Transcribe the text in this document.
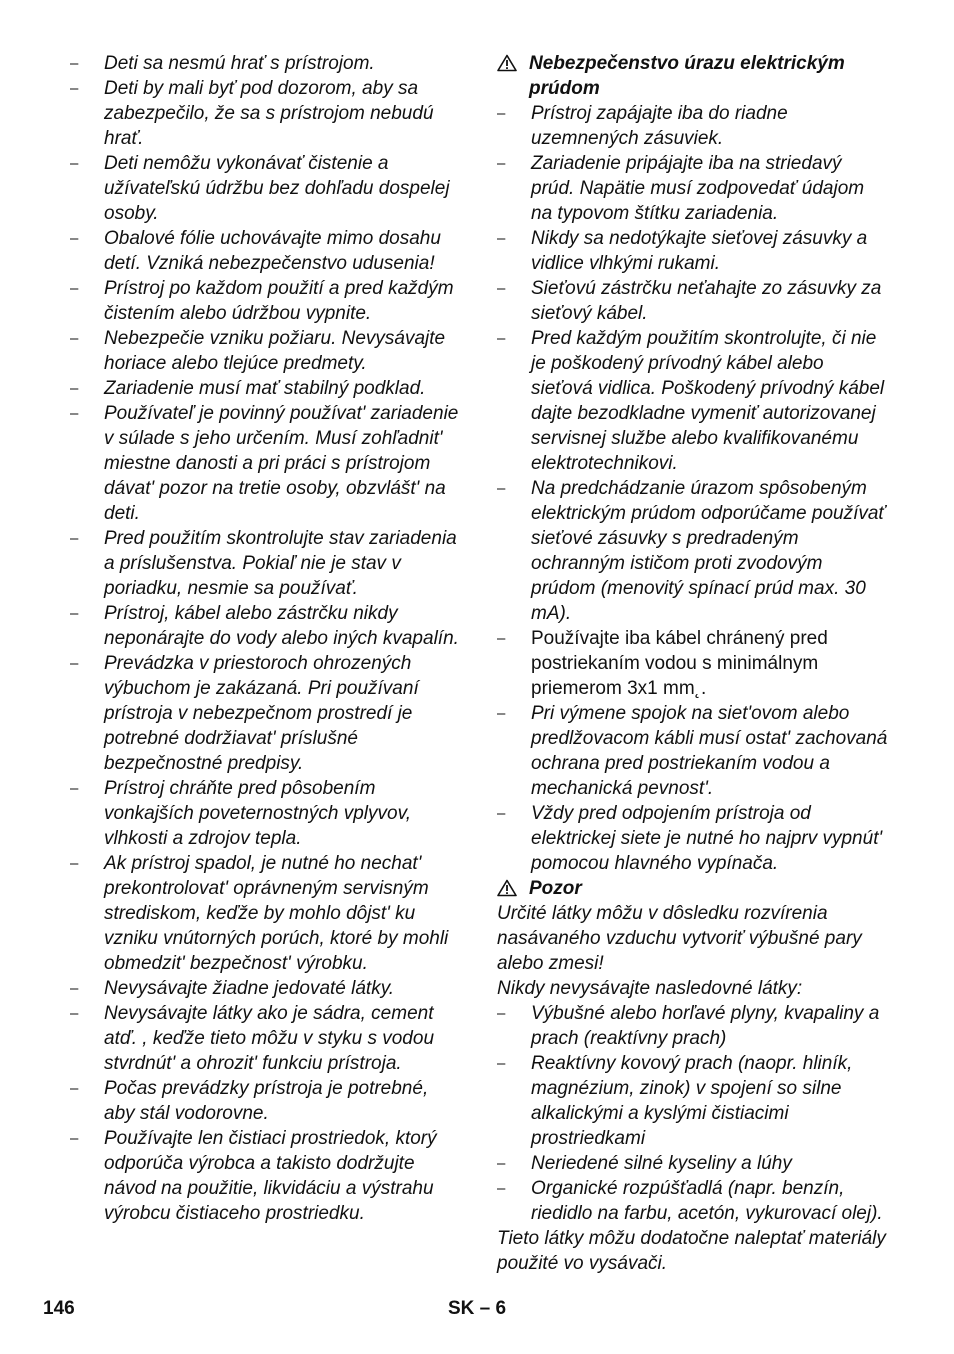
– Deti sa nesmú hrať s prístrojom.
– Deti by mali byť pod dozorom, aby sa zabezpečilo, že sa s prístrojom nebudú hrať.
– Deti nemôžu vykonávať čistenie a užívateľskú údržbu bez dohľadu dospelej osoby.
– Obalové fólie uchovávajte mimo dosahu detí. Vzniká nebezpečenstvo udusenia!
– Prístroj po každom použití a pred každým čistením alebo údržbou vypnite.
– Nebezpečie vzniku požiaru. Nevysávajte horiace alebo tlejúce predmety.
– Zariadenie musí mať stabilný podklad.
– Používateľ je povinný používat' zariadenie v súlade s jeho určením. Musí zohľadnit' miestne danosti a pri práci s prístrojom dávat' pozor na tretie osoby, obzvlášt' na deti.
– Pred použitím skontrolujte stav zariadenia a príslušenstva. Pokiaľ nie je stav v poriadku, nesmie sa používať.
– Prístroj, kábel alebo zástrčku nikdy neponárajte do vody alebo iných kvapalín.
– Prevádzka v priestoroch ohrozených výbuchom je zakázaná. Pri používaní prístroja v nebezpečnom prostredí je potrebné dodržiavat' príslušné bezpečnostné predpisy.
– Prístroj chráňte pred pôsobením vonkajších poveternostných vplyvov, vlhkosti a zdrojov tepla.
– Ak prístroj spadol, je nutné ho nechat' prekontrolovat' oprávneným servisným strediskom, keďže by mohlo dôjst' ku vzniku vnútorných porúch, ktoré by mohli obmedzit' bezpečnost' výrobku.
– Nevysávajte žiadne jedovaté látky.
– Nevysávajte látky ako je sádra, cement atď. , keďže tieto môžu v styku s vodou stvrdnút' a ohrozit' funkciu prístroja.
– Počas prevádzky prístroja je potrebné, aby stál vodorovne.
– Používajte len čistiaci prostriedok, ktorý odporúča výrobca a takisto dodržujte návod na použitie, likvidáciu a výstrahu výrobcu čistiaceho prostriedku.
Nebezpečenstvo úrazu elektrickým prúdom
– Prístroj zapájajte iba do riadne uzemnených zásuviek.
– Zariadenie pripájajte iba na striedavý prúd. Napätie musí zodpovedať údajom na typovom štítku zariadenia.
– Nikdy sa nedotýkajte sieťovej zásuvky a vidlice vlhkými rukami.
– Sieťovú zástrčku neťahajte zo zásuvky za sieťový kábel.
– Pred každým použitím skontrolujte, či nie je poškodený prívodný kábel alebo sieťová vidlica. Poškodený prívodný kábel dajte bezodkladne vymeniť autorizovanej servisnej službe alebo kvalifikovanému elektrotechnikovi.
– Na predchádzanie úrazom spôsobeným elektrickým prúdom odporúčame používať sieťové zásuvky s predradeným ochranným ističom proti zvodovým prúdom (menovitý spínací prúd max. 30 mA).
– Používajte iba kábel chránený pred postriekaním vodou s minimálnym priemerom 3x1 mm˛.
– Pri výmene spojok na siet'ovom alebo predlžovacom kábli musí ostat' zachovaná ochrana pred postriekaním vodou a mechanická pevnost'.
– Vždy pred odpojením prístroja od elektrickej siete je nutné ho najprv vypnút' pomocou hlavného vypínača.
Pozor

Určité látky môžu v dôsledku rozvírenia nasávaného vzduchu vytvoriť výbušné pary alebo zmesi!

Nikdy nevysávajte nasledovné látky:

– Výbušné alebo horľavé plyny, kvapaliny a prach (reaktívny prach)
– Reaktívny kovový prach (naopr. hliník, magnézium, zinok) v spojení so silne alkalickými a kyslými čistiacimi prostriedkami
– Neriedené silné kyseliny a lúhy
– Organické rozpúšťadlá (napr. benzín, riedidlo na farbu, acetón, vykurovací olej).

Tieto látky môžu dodatočne naleptať materiály použité vo vysávači.

146	SK – 6
